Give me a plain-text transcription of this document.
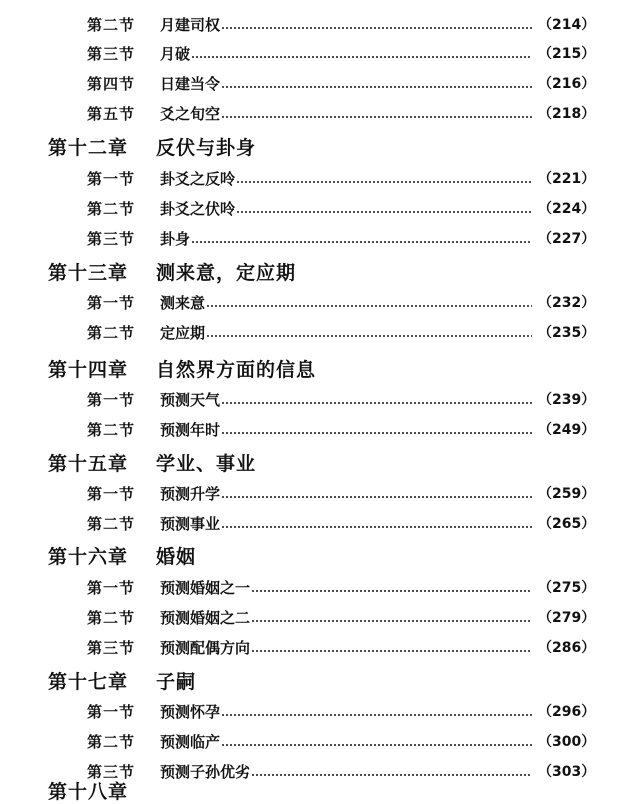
第二节 月建司权	（214）
第三节 月破	（215）
第四节 日建当令	（216）
第五节 爻之旬空	（218）
第十二章 反伏与卦身
第一节 卦爻之反呤	（221）
第二节 卦爻之伏呤	（224）
第三节 卦身	（227）
第十三章 测来意，定应期
第一节 测来意	（232）
第二节 定应期	（235）
第十四章 自然界方面的信息
第一节 预测天气	（239）
第二节 预测年时	（249）
第十五章 学业、事业
第一节 预测升学	（259）
第二节 预测事业	（265）
第十六章 婚姻
第一节 预测婚姻之一	（275）
第二节 预测婚姻之二	（279）
第三节 预测配偶方向	（286）
第十七章 子嗣
第一节 预测怀孕	（296）
第二节 预测临产	（300）
第三节 预测子孙优劣	（303）
第十八章
